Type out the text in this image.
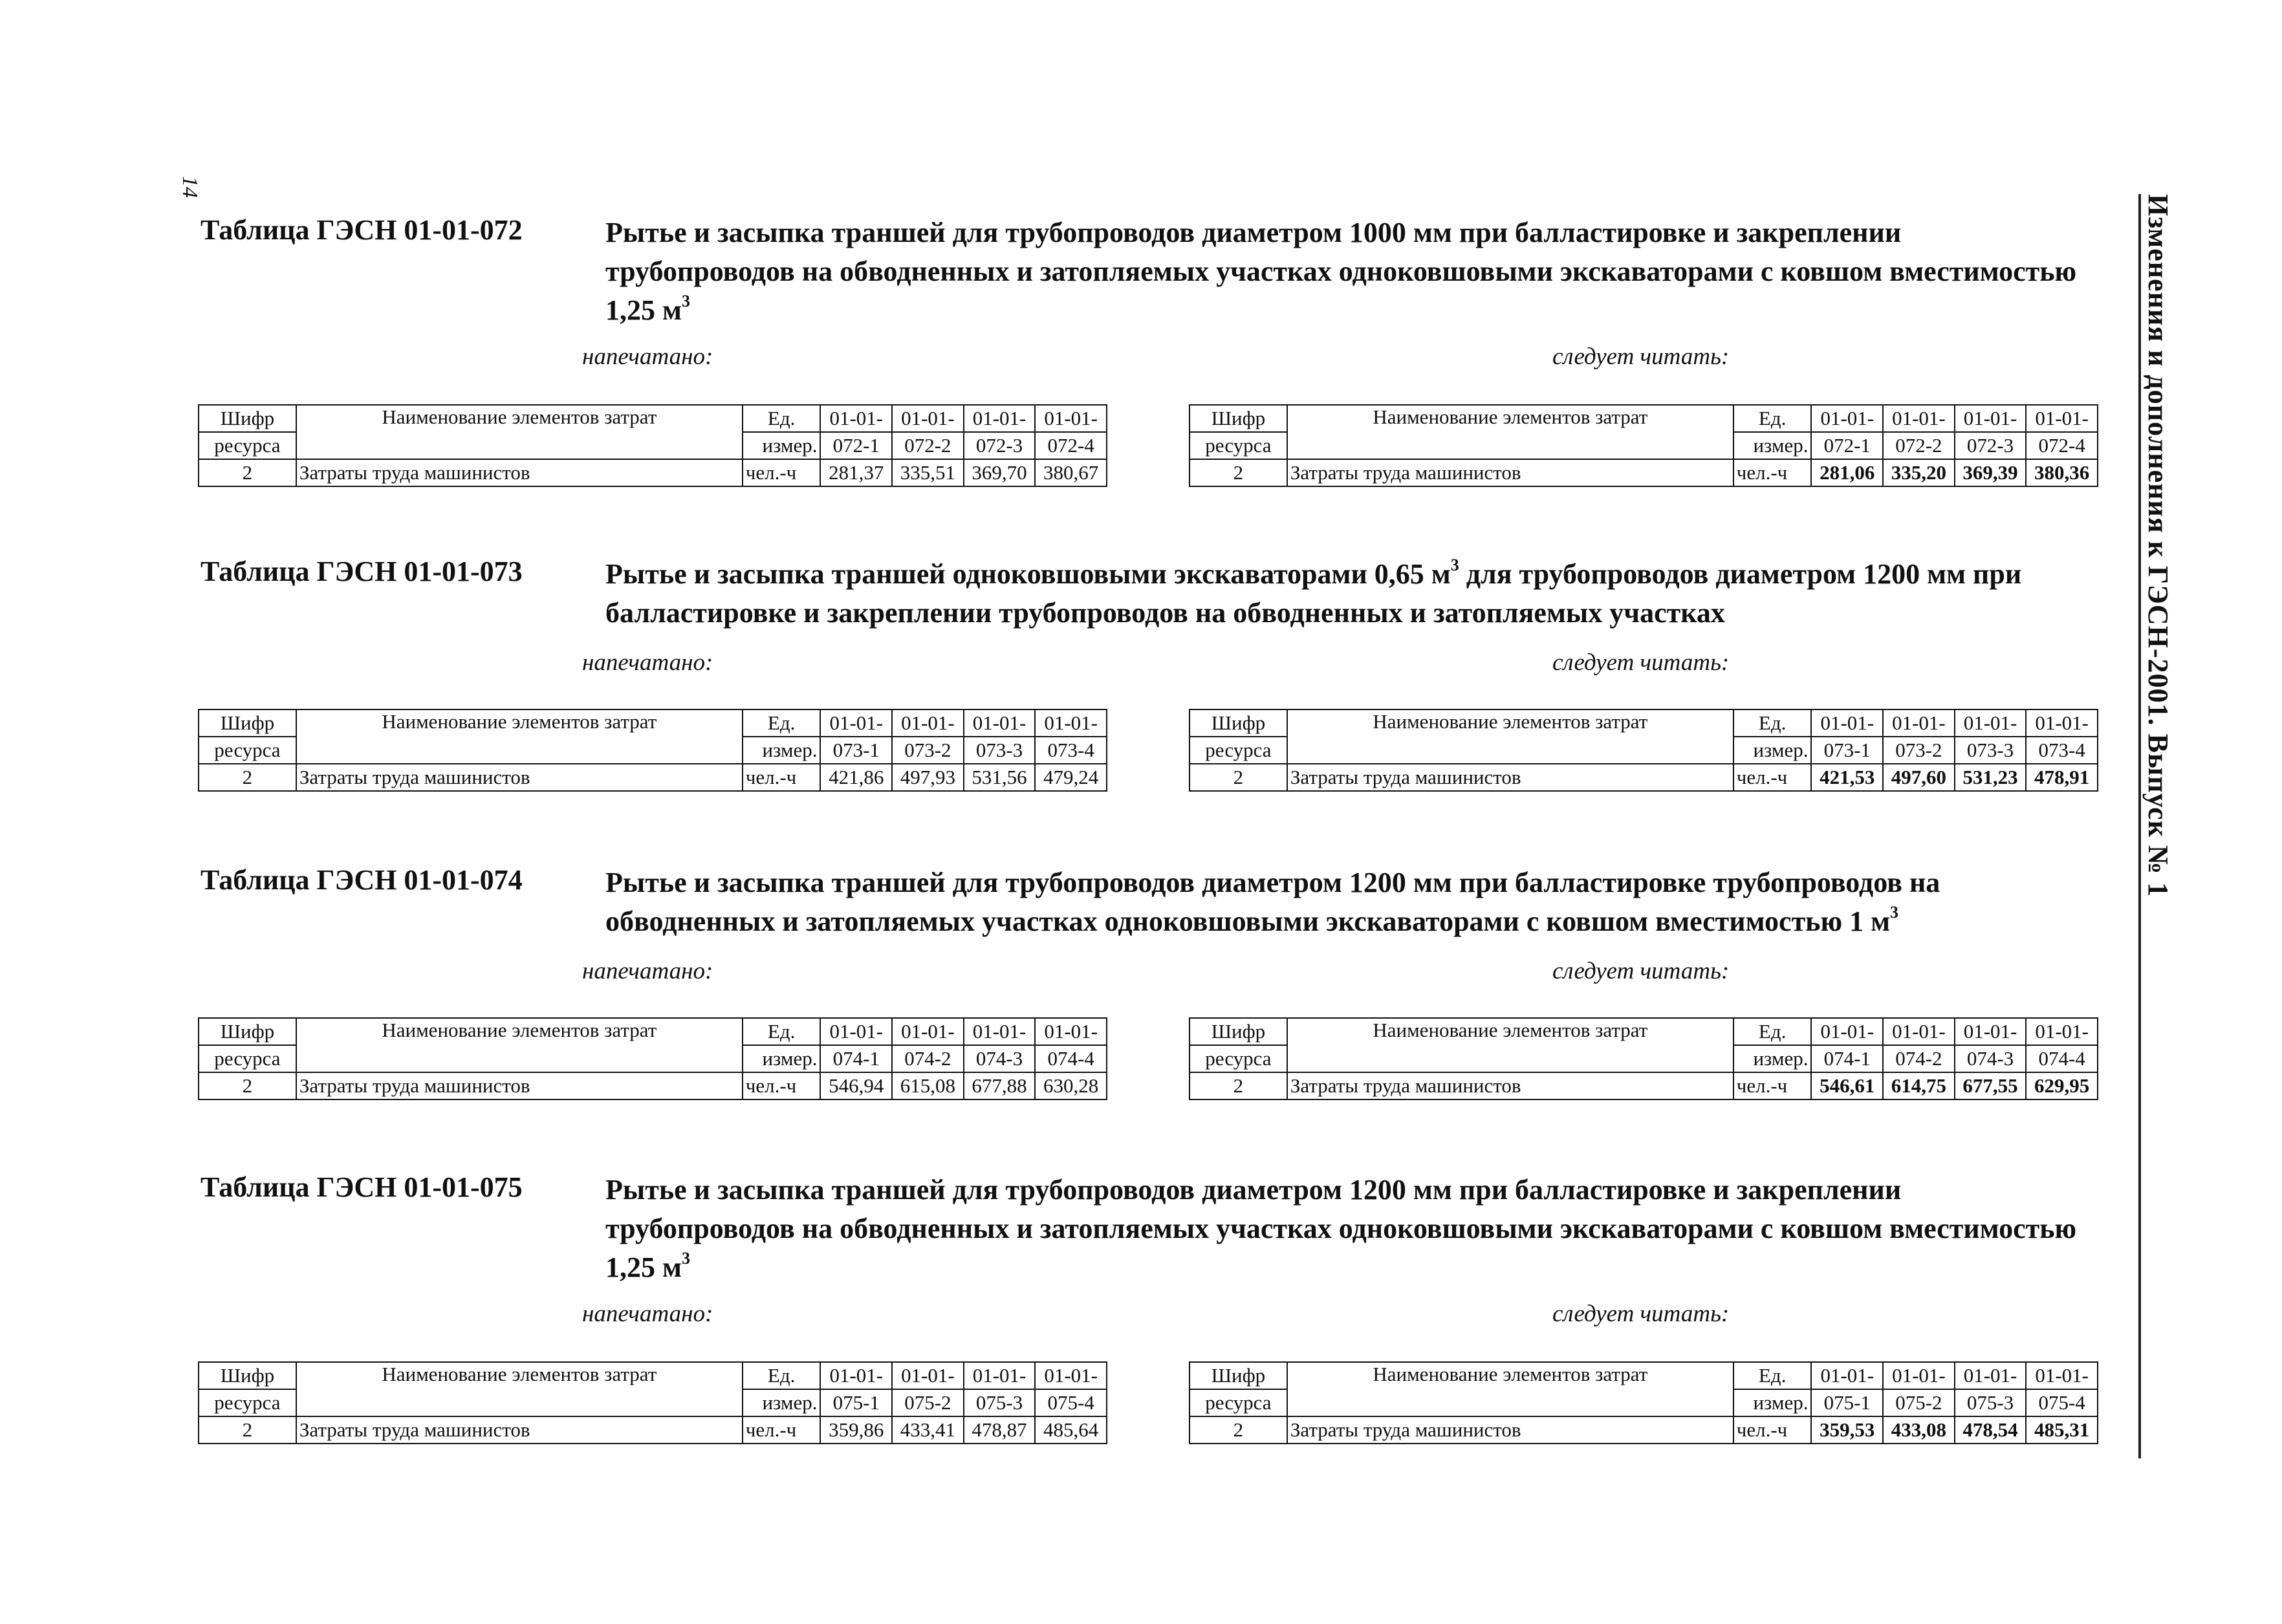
14
Изменения и дополнения к ГЭСН-2001. Выпуск № 1
Таблица ГЭСН 01-01-072	Рытье и засыпка траншей для трубопроводов диаметром 1000 мм при балластировке и закреплении трубопроводов на обводненных и затопляемых участках одноковшовыми экскаваторами с ковшом вместимостью 1,25 $м^3$
напечатано:	следует читать:
Шифр	Наименование элементов затрат	Ед.	01-01-	01-01-	01-01-	01-01-
ресурса		измер.	072-1	072-2	072-3	072-4
2	Затраты труда машинистов	чел.-ч	281,37	335,51	369,70	380,67
Шифр	Наименование элементов затрат	Ед.	01-01-	01-01-	01-01-	01-01-
ресурса		измер.	072-1	072-2	072-3	072-4
2	Затраты труда машинистов	чел.-ч	281,06	335,20	369,39	380,36
Таблица ГЭСН 01-01-073	Рытье и засыпка траншей одноковшовыми экскаваторами 0,65 $м^3$ для трубопроводов диаметром 1200 мм при балластировке и закреплении трубопроводов на обводненных и затопляемых участках
напечатано:	следует читать:
Шифр	Наименование элементов затрат	Ед.	01-01-	01-01-	01-01-	01-01-
ресурса		измер.	073-1	073-2	073-3	073-4
2	Затраты труда машинистов	чел.-ч	421,86	497,93	531,56	479,24
Шифр	Наименование элементов затрат	Ед.	01-01-	01-01-	01-01-	01-01-
ресурса		измер.	073-1	073-2	073-3	073-4
2	Затраты труда машинистов	чел.-ч	421,53	497,60	531,23	478,91
Таблица ГЭСН 01-01-074	Рытье и засыпка траншей для трубопроводов диаметром 1200 мм при балластировке трубопроводов на обводненных и затопляемых участках одноковшовыми экскаваторами с ковшом вместимостью 1 $м^3$
напечатано:	следует читать:
Шифр	Наименование элементов затрат	Ед.	01-01-	01-01-	01-01-	01-01-
ресурса		измер.	074-1	074-2	074-3	074-4
2	Затраты труда машинистов	чел.-ч	546,94	615,08	677,88	630,28
Шифр	Наименование элементов затрат	Ед.	01-01-	01-01-	01-01-	01-01-
ресурса		измер.	074-1	074-2	074-3	074-4
2	Затраты труда машинистов	чел.-ч	546,61	614,75	677,55	629,95
Таблица ГЭСН 01-01-075	Рытье и засыпка траншей для трубопроводов диаметром 1200 мм при балластировке и закреплении трубопроводов на обводненных и затопляемых участках одноковшовыми экскаваторами с ковшом вместимостью 1,25 $м^3$
напечатано:	следует читать:
Шифр	Наименование элементов затрат	Ед.	01-01-	01-01-	01-01-	01-01-
ресурса		измер.	075-1	075-2	075-3	075-4
2	Затраты труда машинистов	чел.-ч	359,86	433,41	478,87	485,64
Шифр	Наименование элементов затрат	Ед.	01-01-	01-01-	01-01-	01-01-
ресурса		измер.	075-1	075-2	075-3	075-4
2	Затраты труда машинистов	чел.-ч	359,53	433,08	478,54	485,31
